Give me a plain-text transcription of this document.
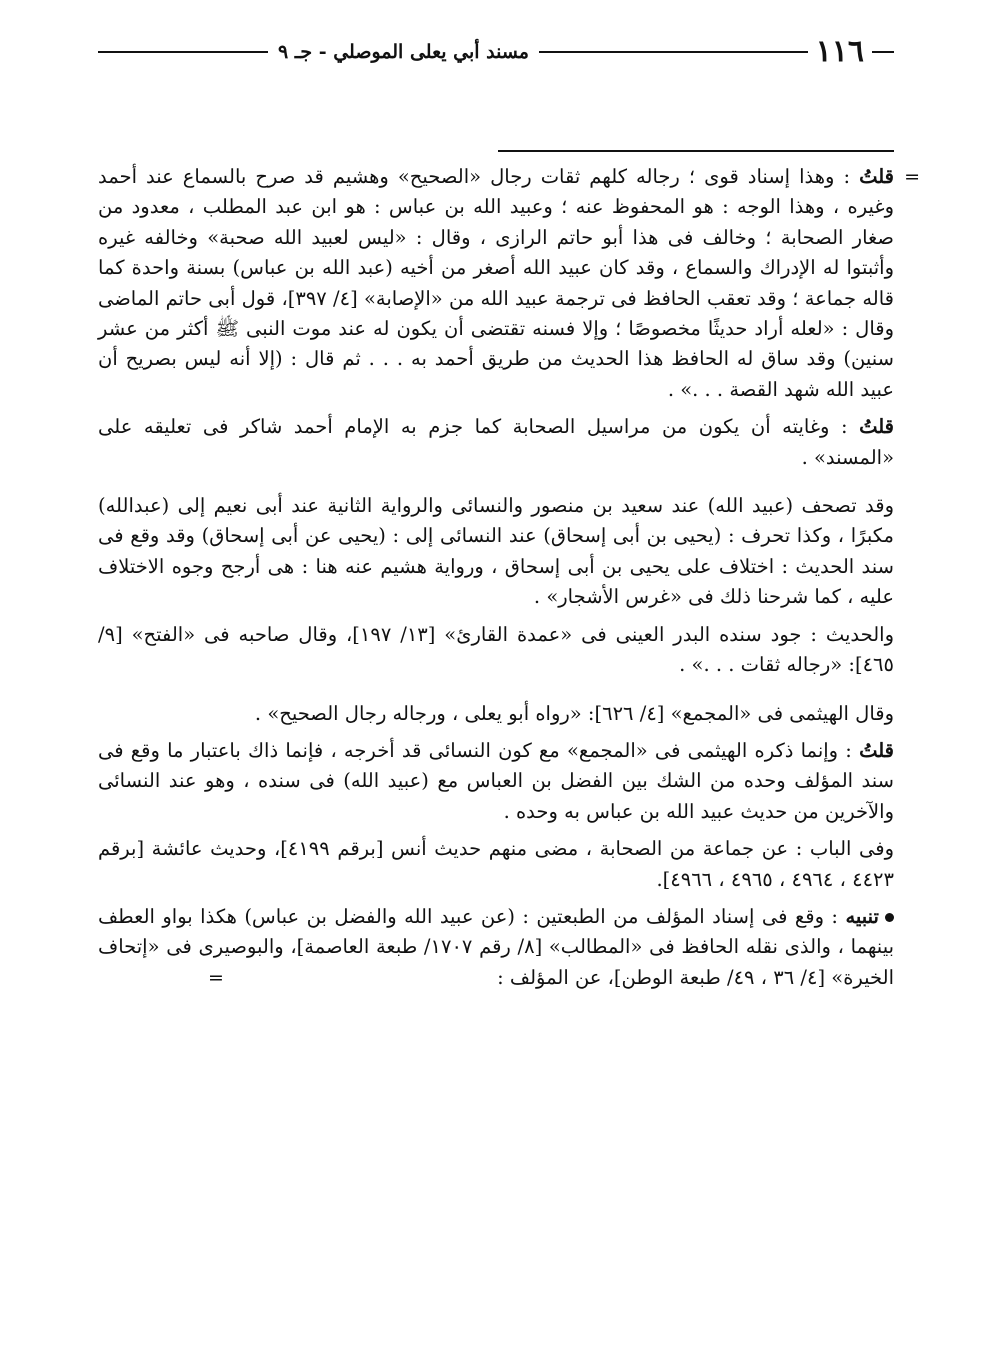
١١٦
مسند أبي يعلى الموصلي - جـ ٩

=
قلتُ : وهذا إسناد قوى ؛ رجاله كلهم ثقات رجال «الصحيح» وهشيم قد صرح بالسماع عند أحمد وغيره ، وهذا الوجه : هو المحفوظ عنه ؛ وعبيد الله بن عباس : هو ابن عبد المطلب ، معدود من صغار الصحابة ؛ وخالف فى هذا أبو حاتم الرازى ، وقال : «ليس لعبيد الله صحبة» وخالفه غيره وأثبتوا له الإدراك والسماع ، وقد كان عبيد الله أصغر من أخيه (عبد الله بن عباس) بسنة واحدة كما قاله جماعة ؛ وقد تعقب الحافظ فى ترجمة عبيد الله من «الإصابة» [٤/ ٣٩٧]، قول أبى حاتم الماضى وقال : «لعله أراد حديثًا مخصوصًا ؛ وإلا فسنه تقتضى أن يكون له عند موت النبى ﷺ أكثر من عشر سنين) وقد ساق له الحافظ هذا الحديث من طريق أحمد به . . . ثم قال : (إلا أنه ليس بصريح أن عبيد الله شهد القصة . . .» .

قلتُ : وغايته أن يكون من مراسيل الصحابة كما جزم به الإمام أحمد شاكر فى تعليقه على «المسند» .

وقد تصحف (عبيد الله) عند سعيد بن منصور والنسائى والرواية الثانية عند أبى نعيم إلى (عبدالله) مكبرًا ، وكذا تحرف : (يحيى بن أبى إسحاق) عند النسائى إلى : (يحيى عن أبى إسحاق) وقد وقع فى سند الحديث : اختلاف على يحيى بن أبى إسحاق ، ورواية هشيم عنه هنا : هى أرجح وجوه الاختلاف عليه ، كما شرحنا ذلك فى «غرس الأشجار» .

والحديث : جود سنده البدر العينى فى «عمدة القارئ» [١٣/ ١٩٧]، وقال صاحبه فى «الفتح» [٩/ ٤٦٥]: «رجاله ثقات . . .» .

وقال الهيثمى فى «المجمع» [٤/ ٦٢٦]: «رواه أبو يعلى ، ورجاله رجال الصحيح» .

قلتُ : وإنما ذكره الهيثمى فى «المجمع» مع كون النسائى قد أخرجه ، فإنما ذاك باعتبار ما وقع فى سند المؤلف وحده من الشك بين الفضل بن العباس مع (عبيد الله) فى سنده ، وهو عند النسائى والآخرين من حديث عبيد الله بن عباس به وحده .

وفى الباب : عن جماعة من الصحابة ، مضى منهم حديث أنس [برقم ٤١٩٩]، وحديث عائشة [برقم ٤٤٢٣ ، ٤٩٦٤ ، ٤٩٦٥ ، ٤٩٦٦].

تنبيه : وقع فى إسناد المؤلف من الطبعتين : (عن عبيد الله والفضل بن عباس) هكذا بواو العطف بينهما ، والذى نقله الحافظ فى «المطالب» [٨/ رقم ١٧٠٧/ طبعة العاصمة]، والبوصيرى فى «إتحاف الخيرة» [٤/ ٣٦ ، ٤٩/ طبعة الوطن]، عن المؤلف :
=
